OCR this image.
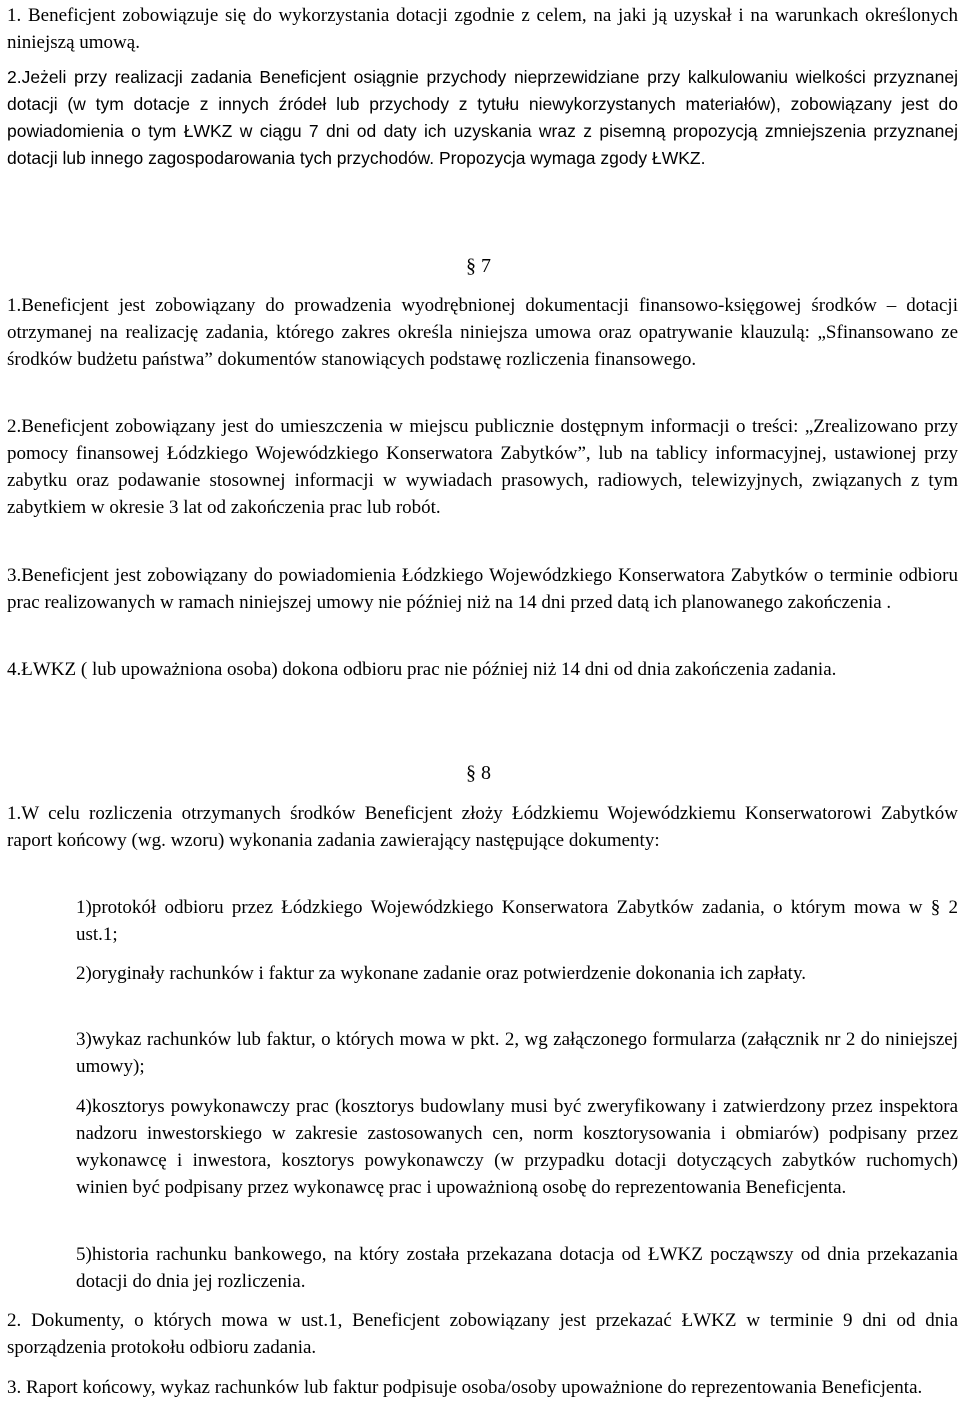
1. Beneficjent zobowiązuje się do wykorzystania dotacji zgodnie z celem, na jaki ją uzyskał i na warunkach określonych niniejszą umową.

2.Jeżeli przy realizacji zadania Beneficjent osiągnie przychody nieprzewidziane przy kalkulowaniu wielkości przyznanej dotacji (w tym dotacje z innych źródeł lub przychody z tytułu niewykorzystanych materiałów), zobowiązany jest do powiadomienia o tym ŁWKZ w ciągu 7 dni od daty ich uzyskania wraz z pisemną propozycją zmniejszenia przyznanej dotacji lub innego zagospodarowania tych przychodów. Propozycja wymaga zgody ŁWKZ.

§ 7

1.Beneficjent jest zobowiązany do prowadzenia wyodrębnionej dokumentacji finansowo-księgowej środków – dotacji otrzymanej na realizację zadania, którego zakres określa niniejsza umowa oraz opatrywanie klauzulą: „Sfinansowano ze środków budżetu państwa” dokumentów stanowiących podstawę rozliczenia finansowego.

2.Beneficjent zobowiązany jest do umieszczenia w miejscu publicznie dostępnym informacji o treści: „Zrealizowano przy pomocy finansowej Łódzkiego Wojewódzkiego Konserwatora Zabytków”, lub na tablicy informacyjnej, ustawionej przy zabytku oraz podawanie stosownej informacji w wywiadach prasowych, radiowych, telewizyjnych, związanych z tym zabytkiem w okresie 3 lat od zakończenia prac lub robót.

3.Beneficjent jest zobowiązany do powiadomienia Łódzkiego Wojewódzkiego Konserwatora Zabytków o terminie odbioru prac realizowanych w ramach niniejszej umowy nie później niż na 14 dni przed datą ich planowanego zakończenia .

4.ŁWKZ ( lub upoważniona osoba) dokona odbioru prac nie później niż 14 dni od dnia zakończenia zadania.

§ 8

1.W celu rozliczenia otrzymanych środków Beneficjent złoży Łódzkiemu Wojewódzkiemu Konserwatorowi Zabytków raport końcowy (wg. wzoru) wykonania zadania zawierający następujące dokumenty:

1)protokół odbioru przez Łódzkiego Wojewódzkiego Konserwatora Zabytków zadania, o którym mowa w § 2 ust.1;

2)oryginały rachunków i faktur za wykonane zadanie oraz potwierdzenie dokonania ich zapłaty.

3)wykaz rachunków lub faktur, o których mowa w pkt. 2, wg załączonego formularza (załącznik nr 2 do niniejszej umowy);

4)kosztorys powykonawczy prac (kosztorys budowlany musi być zweryfikowany i zatwierdzony przez inspektora nadzoru inwestorskiego w zakresie zastosowanych cen, norm kosztorysowania i obmiarów) podpisany przez wykonawcę i inwestora, kosztorys powykonawczy (w przypadku dotacji dotyczących zabytków ruchomych) winien być podpisany przez wykonawcę prac i upoważnioną osobę do reprezentowania Beneficjenta.

5)historia rachunku bankowego, na który została przekazana dotacja od ŁWKZ począwszy od dnia przekazania dotacji do dnia jej rozliczenia.

2. Dokumenty, o których mowa w ust.1, Beneficjent zobowiązany jest przekazać ŁWKZ w terminie 9 dni od dnia sporządzenia protokołu odbioru zadania.

3. Raport końcowy, wykaz rachunków lub faktur podpisuje osoba/osoby upoważnione do reprezentowania Beneficjenta.
